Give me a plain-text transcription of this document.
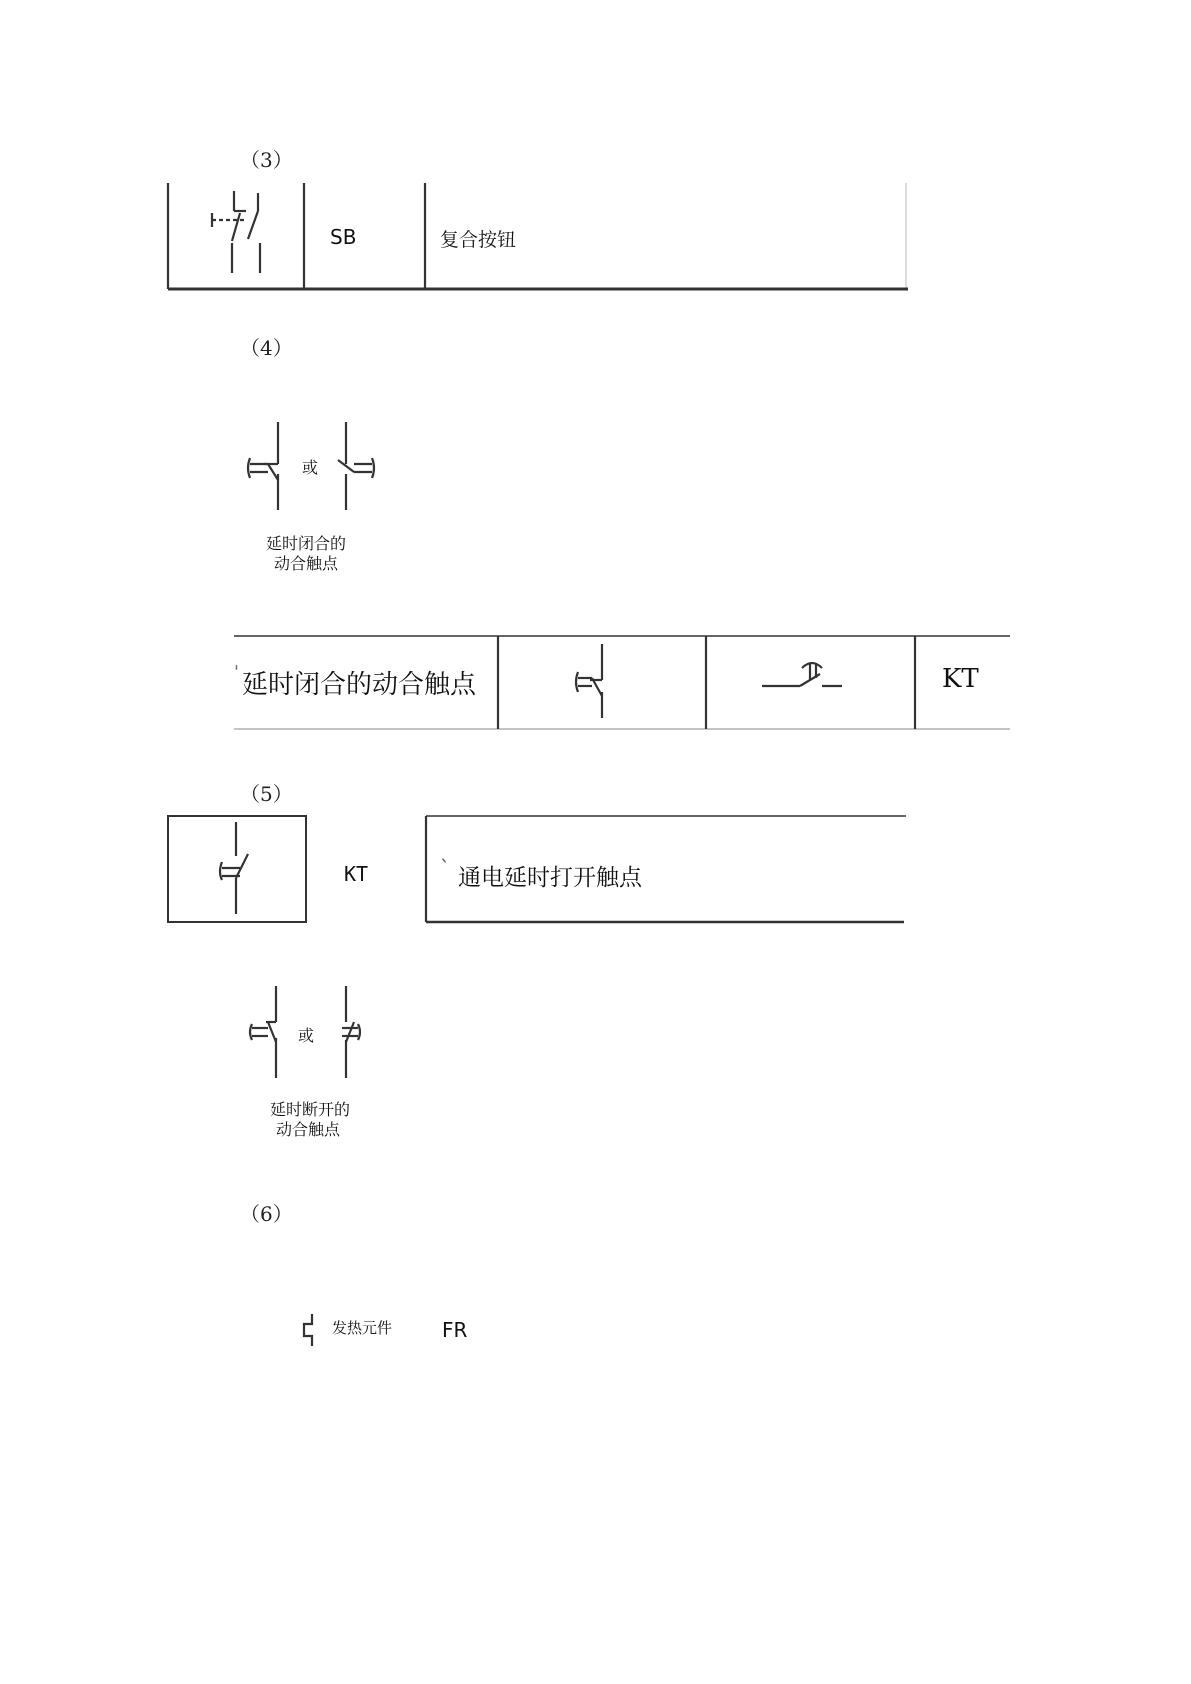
（3）
SB	复合按钮
（4）
或
延时闭合的
动合触点
' 延时闭合的动合触点	KT
（5）
KT	` 通电延时打开触点
或
延时断开的
动合触点
（6）
发热元件 FR
